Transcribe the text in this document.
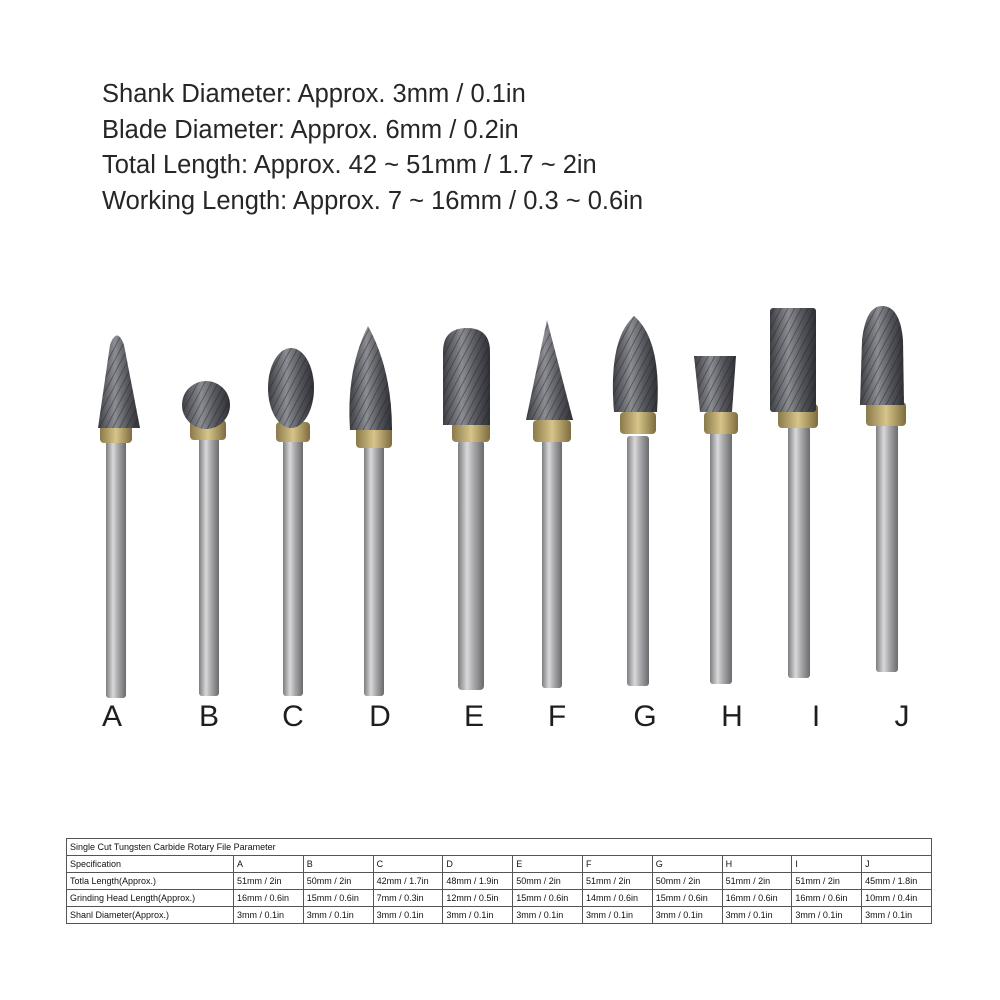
Shank Diameter: Approx. 3mm / 0.1in
Blade Diameter: Approx. 6mm / 0.2in
Total Length: Approx. 42 ~ 51mm / 1.7 ~ 2in
Working Length: Approx. 7 ~ 16mm / 0.3 ~ 0.6in
A	B	C	D	E	F	G	H	I	J
Single Cut Tungsten Carbide Rotary File Parameter										
Specification	A	B	C	D	E	F	G	H	I	J
Totla Length(Approx.)	51mm / 2in	50mm / 2in	42mm / 1.7in	48mm / 1.9in	50mm / 2in	51mm / 2in	50mm / 2in	51mm / 2in	51mm / 2in	45mm / 1.8in
Grinding Head Length(Approx.)	16mm / 0.6in	15mm / 0.6in	7mm / 0.3in	12mm / 0.5in	15mm / 0.6in	14mm / 0.6in	15mm / 0.6in	16mm / 0.6in	16mm / 0.6in	10mm / 0.4in
Shanl Diameter(Approx.)	3mm / 0.1in	3mm / 0.1in	3mm / 0.1in	3mm / 0.1in	3mm / 0.1in	3mm / 0.1in	3mm / 0.1in	3mm / 0.1in	3mm / 0.1in	3mm / 0.1in
